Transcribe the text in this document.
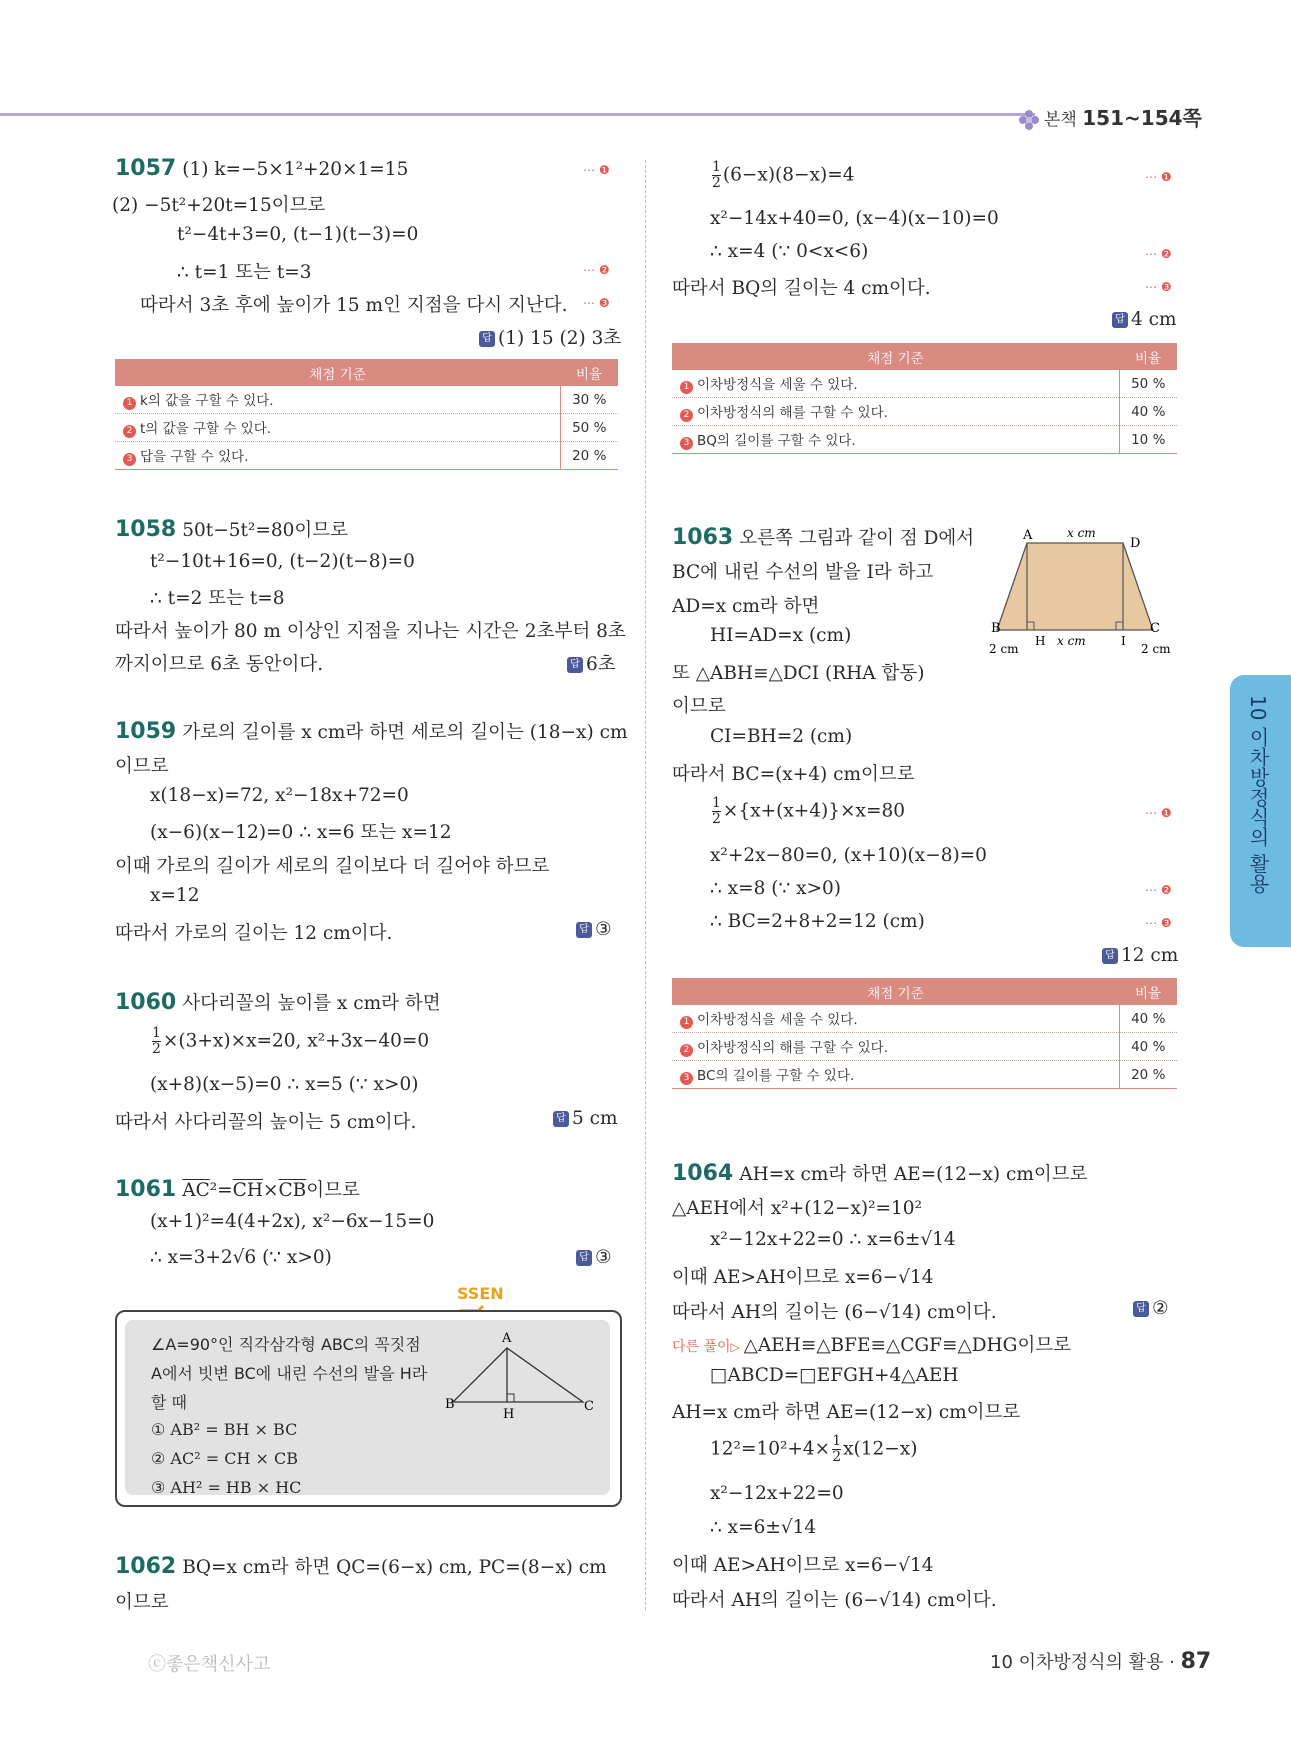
본책 151~154쪽
10 이차방정식의 활용
1057 (1) k=−5×1²+20×1=15	⋯ ❶
(2) −5t²+20t=15이므로
t²−4t+3=0, (t−1)(t−3)=0
∴ t=1 또는 t=3	⋯ ❷
따라서 3초 후에 높이가 15 m인 지점을 다시 지난다. ⋯ ❸
답 (1) 15 (2) 3초
채점 기준	비율
1 k의 값을 구할 수 있다.	30 %
2 t의 값을 구할 수 있다.	50 %
3 답을 구할 수 있다.	20 %
1058 50t−5t²=80이므로
t²−10t+16=0, (t−2)(t−8)=0
∴ t=2 또는 t=8
따라서 높이가 80 m 이상인 지점을 지나는 시간은 2초부터 8초
까지이므로 6초 동안이다.	답 6초
1059 가로의 길이를 x cm라 하면 세로의 길이는 (18−x) cm
이므로
x(18−x)=72, x²−18x+72=0
(x−6)(x−12)=0 ∴ x=6 또는 x=12
이때 가로의 길이가 세로의 길이보다 더 길어야 하므로
x=12
따라서 가로의 길이는 12 cm이다.	답 ③
1060 사다리꼴의 높이를 x cm라 하면
$\frac{1}{2} \times(3+x)\times x=20$, x²+3x−40=0
(x+8)(x−5)=0 ∴ x=5 (∵ x>0)
따라서 사다리꼴의 높이는 5 cm이다.	답 5 cm
1061 $\overline{AC}^2=\overline{CH}\times\overline{CB}$이므로
(x+1)²=4(4+2x), x²−6x−15=0
∴ x=3+2√6 (∵ x>0)	답 ③
SSEN
∠A=90°인 직각삼각형 ABC의 꼭짓점
A에서 빗변 BC에 내린 수선의 발을 H라
할 때
① AB² = BH × BC
② AC² = CH × CB
③ AH² = HB × HC
A
B	C
H
1062 BQ=x cm라 하면 QC=(6−x) cm, PC=(8−x) cm
이므로
$\frac{1}{2} (6-x)(8-x)=4$	⋯ ❶
x²−14x+40=0, (x−4)(x−10)=0
∴ x=4 (∵ 0<x<6)	⋯ ❷
따라서 BQ의 길이는 4 cm이다.	⋯ ❸
답 4 cm
채점 기준	비율
1 이차방정식을 세울 수 있다.	50 %
2 이차방정식의 해를 구할 수 있다.	40 %
3 BQ의 길이를 구할 수 있다.	10 %
1063 오른쪽 그림과 같이 점 D에서
BC에 내린 수선의 발을 I라 하고
AD=x cm라 하면
HI=AD=x (cm)
또 △ABH≡△DCI (RHA 합동)
이므로
CI=BH=2 (cm)
따라서 BC=(x+4) cm이므로
$\frac{1}{2} \times\{x+(x+4)\}\times x=80$	⋯ ❶
x²+2x−80=0, (x+10)(x−8)=0
∴ x=8 (∵ x>0)	⋯ ❷
∴ BC=2+8+2=12 (cm)	⋯ ❸
답 12 cm
A
D
B	C
H	I
x cm
x cm
2 cm	2 cm
채점 기준	비율
1 이차방정식을 세울 수 있다.	40 %
2 이차방정식의 해를 구할 수 있다.	40 %
3 BC의 길이를 구할 수 있다.	20 %
1064 AH=x cm라 하면 AE=(12−x) cm이므로
△AEH에서 x²+(12−x)²=10²
x²−12x+22=0 ∴ x=6±√14
이때 AE>AH이므로 x=6−√14
따라서 AH의 길이는 (6−√14) cm이다.	답 ②
다른 풀이▷ △AEH≡△BFE≡△CGF≡△DHG이므로
□ABCD=□EFGH+4△AEH
AH=x cm라 하면 AE=(12−x) cm이므로
$12^2=10^2+4\times \frac{1}{2} x(12-x)$
x²−12x+22=0
∴ x=6±√14
이때 AE>AH이므로 x=6−√14
따라서 AH의 길이는 (6−√14) cm이다.
ⓒ좋은책신사고	10 이차방정식의 활용 · 87
